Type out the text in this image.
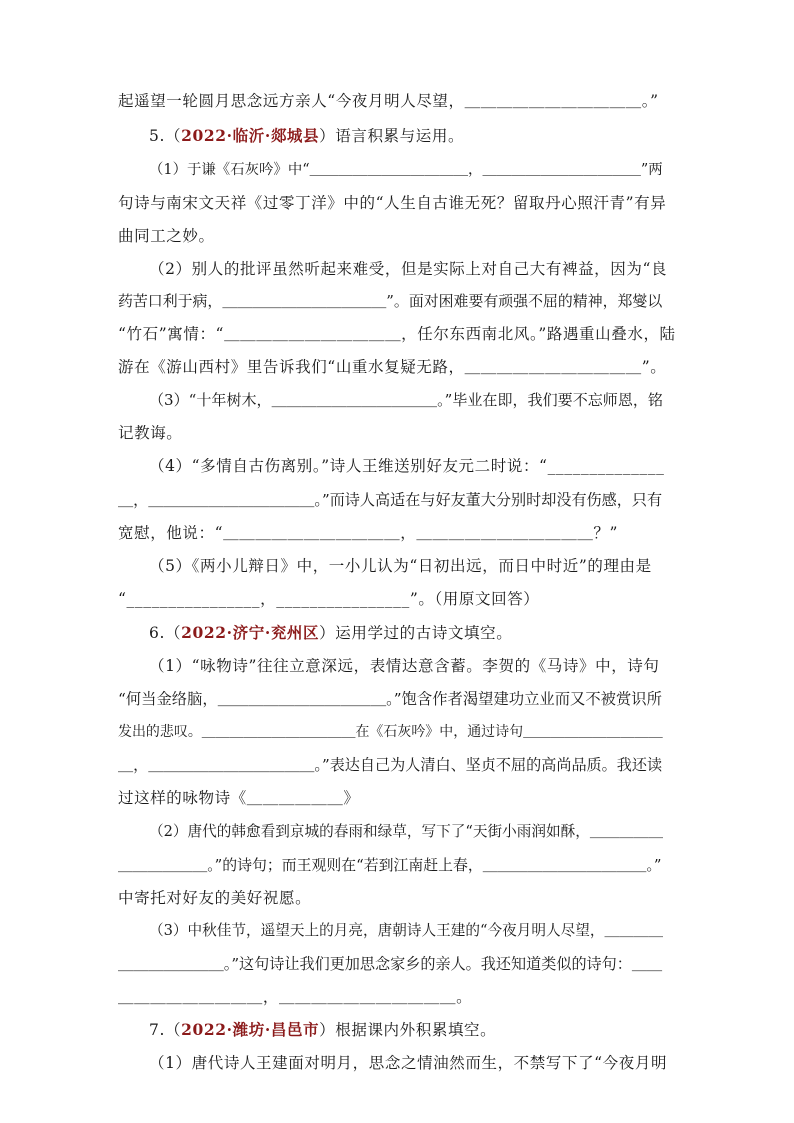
起遥望一轮圆月思念远方亲人“今夜月明人尽望，＿＿＿＿＿＿＿＿＿＿＿。”
5.（2022·临沂·郯城县）语言积累与运用。
（1）于谦《石灰吟》中“＿＿＿＿＿＿＿＿＿＿＿，＿＿＿＿＿＿＿＿＿＿＿”两
句诗与南宋文天祥《过零丁洋》中的“人生自古谁无死？留取丹心照汗青”有异
曲同工之妙。
（2）别人的批评虽然听起来难受，但是实际上对自己大有裨益，因为“良
药苦口利于病，＿＿＿＿＿＿＿＿＿＿＿”。面对困难要有顽强不屈的精神，郑燮以
“竹石”寓情：“＿＿＿＿＿＿＿＿＿＿＿，任尔东西南北风。”路遇重山叠水，陆
游在《游山西村》里告诉我们“山重水复疑无路，＿＿＿＿＿＿＿＿＿＿＿”。
（3）“十年树木，＿＿＿＿＿＿＿＿＿＿＿。”毕业在即，我们要不忘师恩，铭
记教诲。
（4）“多情自古伤离别。”诗人王维送别好友元二时说：“______________
＿，＿＿＿＿＿＿＿＿＿＿＿。”而诗人高适在与好友董大分别时却没有伤感，只有
宽慰，他说：“＿＿＿＿＿＿＿＿＿＿＿，＿＿＿＿＿＿＿＿＿＿＿？”
（5）《两小儿辩日》中，一小儿认为“日初出远，而日中时近”的理由是
“________________，________________”。（用原文回答）
6.（2022·济宁·兖州区）运用学过的古诗文填空。
（1）“咏物诗”往往立意深远，表情达意含蓄。李贺的《马诗》中，诗句
“何当金络脑，＿＿＿＿＿＿＿＿＿＿＿。”饱含作者渴望建功立业而又不被赏识所
发出的悲叹。＿＿＿＿＿＿＿＿＿＿＿在《石灰吟》中，通过诗句＿＿＿＿＿＿＿＿＿＿
＿，＿＿＿＿＿＿＿＿＿＿＿。”表达自己为人清白、坚贞不屈的高尚品质。我还读
过这样的咏物诗《＿＿＿＿＿＿》
（2）唐代的韩愈看到京城的春雨和绿草，写下了“天街小雨润如酥，＿＿＿＿＿
＿＿＿＿＿＿。”的诗句；而王观则在“若到江南赶上春，＿＿＿＿＿＿＿＿＿＿＿。”
中寄托对好友的美好祝愿。
（3）中秋佳节，遥望天上的月亮，唐朝诗人王建的“今夜月明人尽望，＿＿＿＿
＿＿＿＿＿＿＿。”这句诗让我们更加思念家乡的亲人。我还知道类似的诗句：＿＿
＿＿＿＿＿＿＿＿＿，＿＿＿＿＿＿＿＿＿＿＿。
7.（2022·潍坊·昌邑市）根据课内外积累填空。
（1）唐代诗人王建面对明月，思念之情油然而生，不禁写下了“今夜月明
